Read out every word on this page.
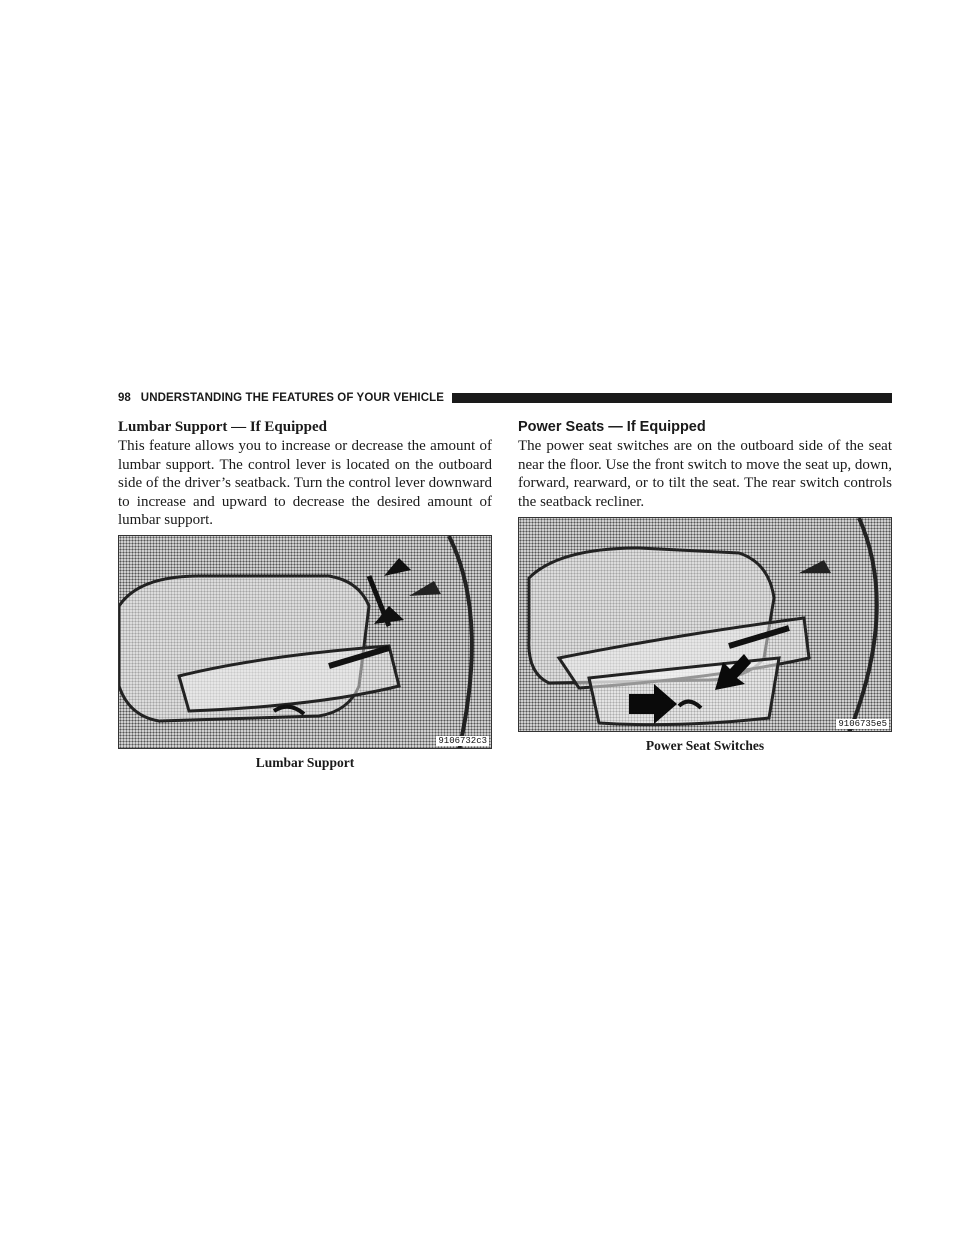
98 UNDERSTANDING THE FEATURES OF YOUR VEHICLE
Lumbar Support — If Equipped

This feature allows you to increase or decrease the amount of lumbar support. The control lever is located on the outboard side of the driver’s seatback. Turn the control lever downward to increase and upward to decrease the desired amount of lumbar support.

9106732c3
Lumbar Support
Power Seats — If Equipped

The power seat switches are on the outboard side of the seat near the floor. Use the front switch to move the seat up, down, forward, rearward, or to tilt the seat. The rear switch controls the seatback recliner.

9106735e5
Power Seat Switches
